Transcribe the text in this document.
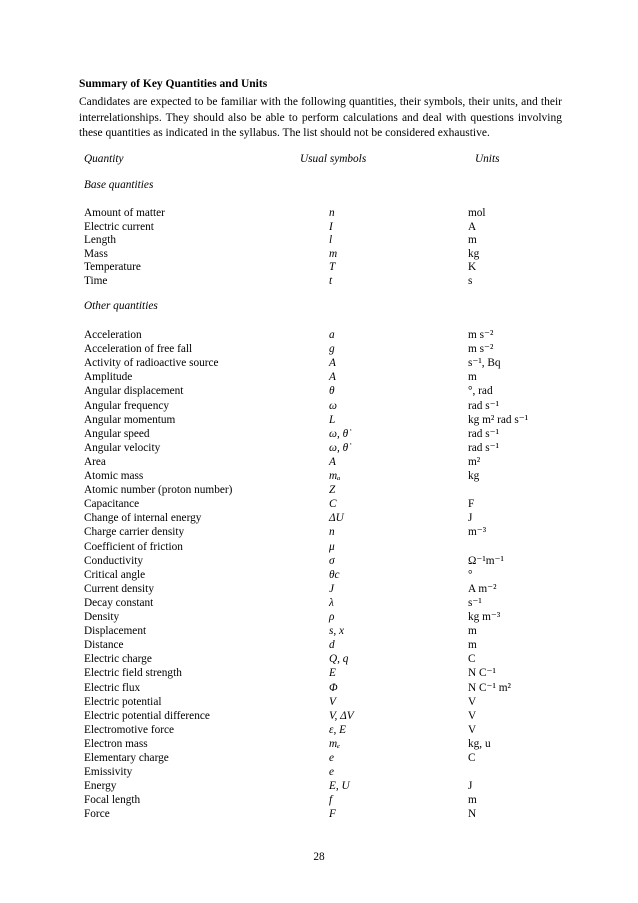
Summary of Key Quantities and Units
Candidates are expected to be familiar with the following quantities, their symbols, their units, and their interrelationships. They should also be able to perform calculations and deal with questions involving these quantities as indicated in the syllabus. The list should not be considered exhaustive.
Quantity	Usual symbols	Units
Base quantities
Amount of matter	n	mol
Electric current	I	A
Length	l	m
Mass	m	kg
Temperature	T	K
Time	t	s
Other quantities
Acceleration	a	m s⁻²
Acceleration of free fall	g	m s⁻²
Activity of radioactive source	A	s⁻¹, Bq
Amplitude	A	m
Angular displacement	θ	°, rad
Angular frequency	ω	rad s⁻¹
Angular momentum	L	kg m² rad s⁻¹
Angular speed	ω, θ̇	rad s⁻¹
Angular velocity	ω, θ̇	rad s⁻¹
Area	A	m²
Atomic mass	mₐ	kg
Atomic number (proton number)	Z
Capacitance	C	F
Change of internal energy	ΔU	J
Charge carrier density	n	m⁻³
Coefficient of friction	μ
Conductivity	σ	Ω⁻¹m⁻¹
Critical angle	θc	°
Current density	J	A m⁻²
Decay constant	λ	s⁻¹
Density	ρ	kg m⁻³
Displacement	s, x	m
Distance	d	m
Electric charge	Q, q	C
Electric field strength	E	N C⁻¹
Electric flux	Φ	N C⁻¹ m²
Electric potential	V	V
Electric potential difference	V, ΔV	V
Electromotive force	ε, E	V
Electron mass	mₑ	kg, u
Elementary charge	e	C
Emissivity	e
Energy	E, U	J
Focal length	f	m
Force	F	N
28
